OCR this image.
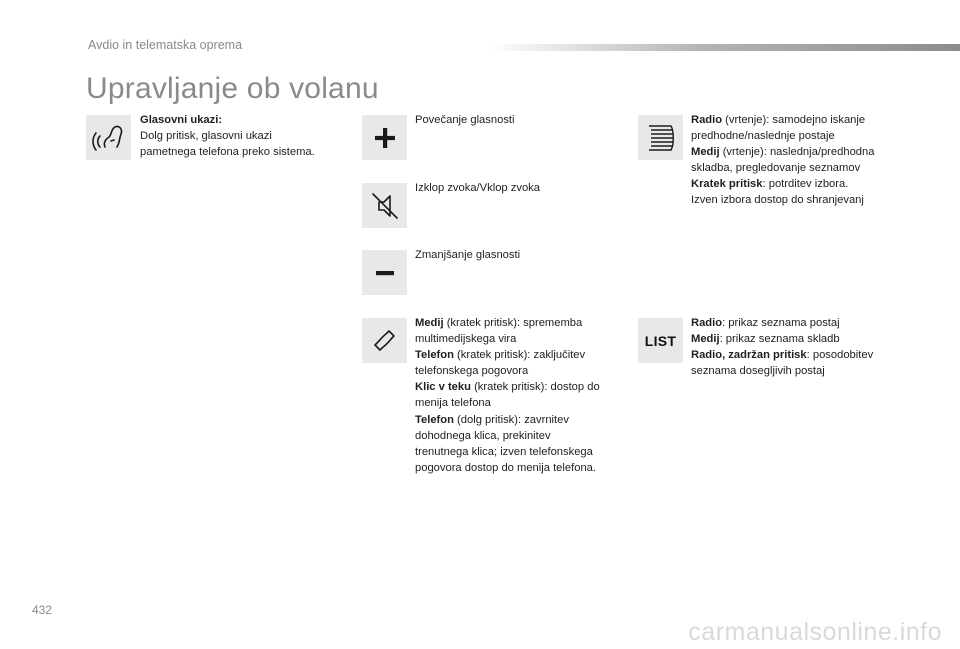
Avdio in telematska oprema
Upravljanje ob volanu
Glasovni ukazi:
Dolg pritisk, glasovni ukazi
pametnega telefona preko sistema.
Povečanje glasnosti
Izklop zvoka/Vklop zvoka
Zmanjšanje glasnosti
Medij (kratek pritisk): sprememba
multimedijskega vira
Telefon (kratek pritisk): zaključitev
telefonskega pogovora
Klic v teku (kratek pritisk): dostop do
menija telefona
Telefon (dolg pritisk): zavrnitev
dohodnega klica, prekinitev
trenutnega klica; izven telefonskega
pogovora dostop do menija telefona.
Radio (vrtenje): samodejno iskanje
predhodne/naslednje postaje
Medij (vrtenje): naslednja/predhodna
skladba, pregledovanje seznamov
Kratek pritisk: potrditev izbora.
Izven izbora dostop do shranjevanj
LIST
Radio: prikaz seznama postaj
Medij: prikaz seznama skladb
Radio, zadržan pritisk: posodobitev
seznama dosegljivih postaj
432
carmanualsonline.info
